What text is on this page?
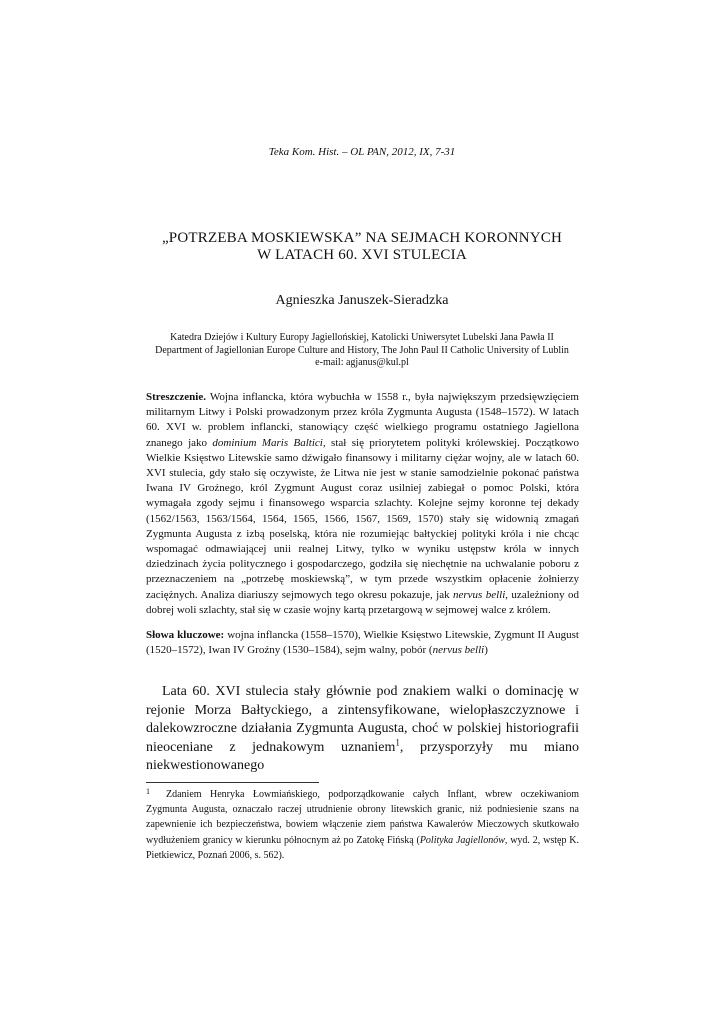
Teka Kom. Hist. – OL PAN, 2012, IX, 7-31
„POTRZEBA MOSKIEWSKA” NA SEJMACH KORONNYCH
W LATACH 60. XVI STULECIA
Agnieszka Januszek-Sieradzka
Katedra Dziejów i Kultury Europy Jagiellońskiej, Katolicki Uniwersytet Lubelski Jana Pawła II
Department of Jagiellonian Europe Culture and History, The John Paul II Catholic University of Lublin
e-mail: agjanus@kul.pl

Streszczenie. Wojna inflancka, która wybuchła w 1558 r., była największym przedsięwzięciem militarnym Litwy i Polski prowadzonym przez króla Zygmunta Augusta (1548–1572). W latach 60. XVI w. problem inflancki, stanowiący część wielkiego programu ostatniego Jagiellona znanego jako dominium Maris Baltici, stał się priorytetem polityki królewskiej. Początkowo Wielkie Księstwo Litewskie samo dźwigało finansowy i militarny ciężar wojny, ale w latach 60. XVI stulecia, gdy stało się oczywiste, że Litwa nie jest w stanie samodzielnie pokonać państwa Iwana IV Groźnego, król Zygmunt August coraz usilniej zabiegał o pomoc Polski, która wymagała zgody sejmu i finansowego wsparcia szlachty. Kolejne sejmy koronne tej dekady (1562/1563, 1563/1564, 1564, 1565, 1566, 1567, 1569, 1570) stały się widownią zmagań Zygmunta Augusta z izbą poselską, która nie rozumiejąc bałtyckiej polityki króla i nie chcąc wspomagać odmawiającej unii realnej Litwy, tylko w wyniku ustępstw króla w innych dziedzinach życia politycznego i gospodarczego, godziła się niechętnie na uchwalanie poboru z przeznaczeniem na „potrzebę moskiewską”, w tym przede wszystkim opłacenie żołnierzy zaciężnych. Analiza diariuszy sejmowych tego okresu pokazuje, jak nervus belli, uzależniony od dobrej woli szlachty, stał się w czasie wojny kartą przetargową w sejmowej walce z królem.

Słowa kluczowe: wojna inflancka (1558–1570), Wielkie Księstwo Litewskie, Zygmunt II August (1520–1572), Iwan IV Groźny (1530–1584), sejm walny, pobór (nervus belli)

Lata 60. XVI stulecia stały głównie pod znakiem walki o dominację w rejonie Morza Bałtyckiego, a zintensyfikowane, wielopłaszczyznowe i dalekowzroczne działania Zygmunta Augusta, choć w polskiej historiografii nieoceniane z jednakowym uznaniem$^1$, przysporzyły mu miano niekwestionowanego

1	Zdaniem Henryka Łowmiańskiego, podporządkowanie całych Inflant, wbrew oczekiwaniom Zygmunta Augusta, oznaczało raczej utrudnienie obrony litewskich granic, niż podniesienie szans na zapewnienie ich bezpieczeństwa, bowiem włączenie ziem państwa Kawalerów Mieczowych skutkowało wydłużeniem granicy w kierunku północnym aż po Zatokę Fińską (Polityka Jagiellonów, wyd. 2, wstęp K. Pietkiewicz, Poznań 2006, s. 562).
